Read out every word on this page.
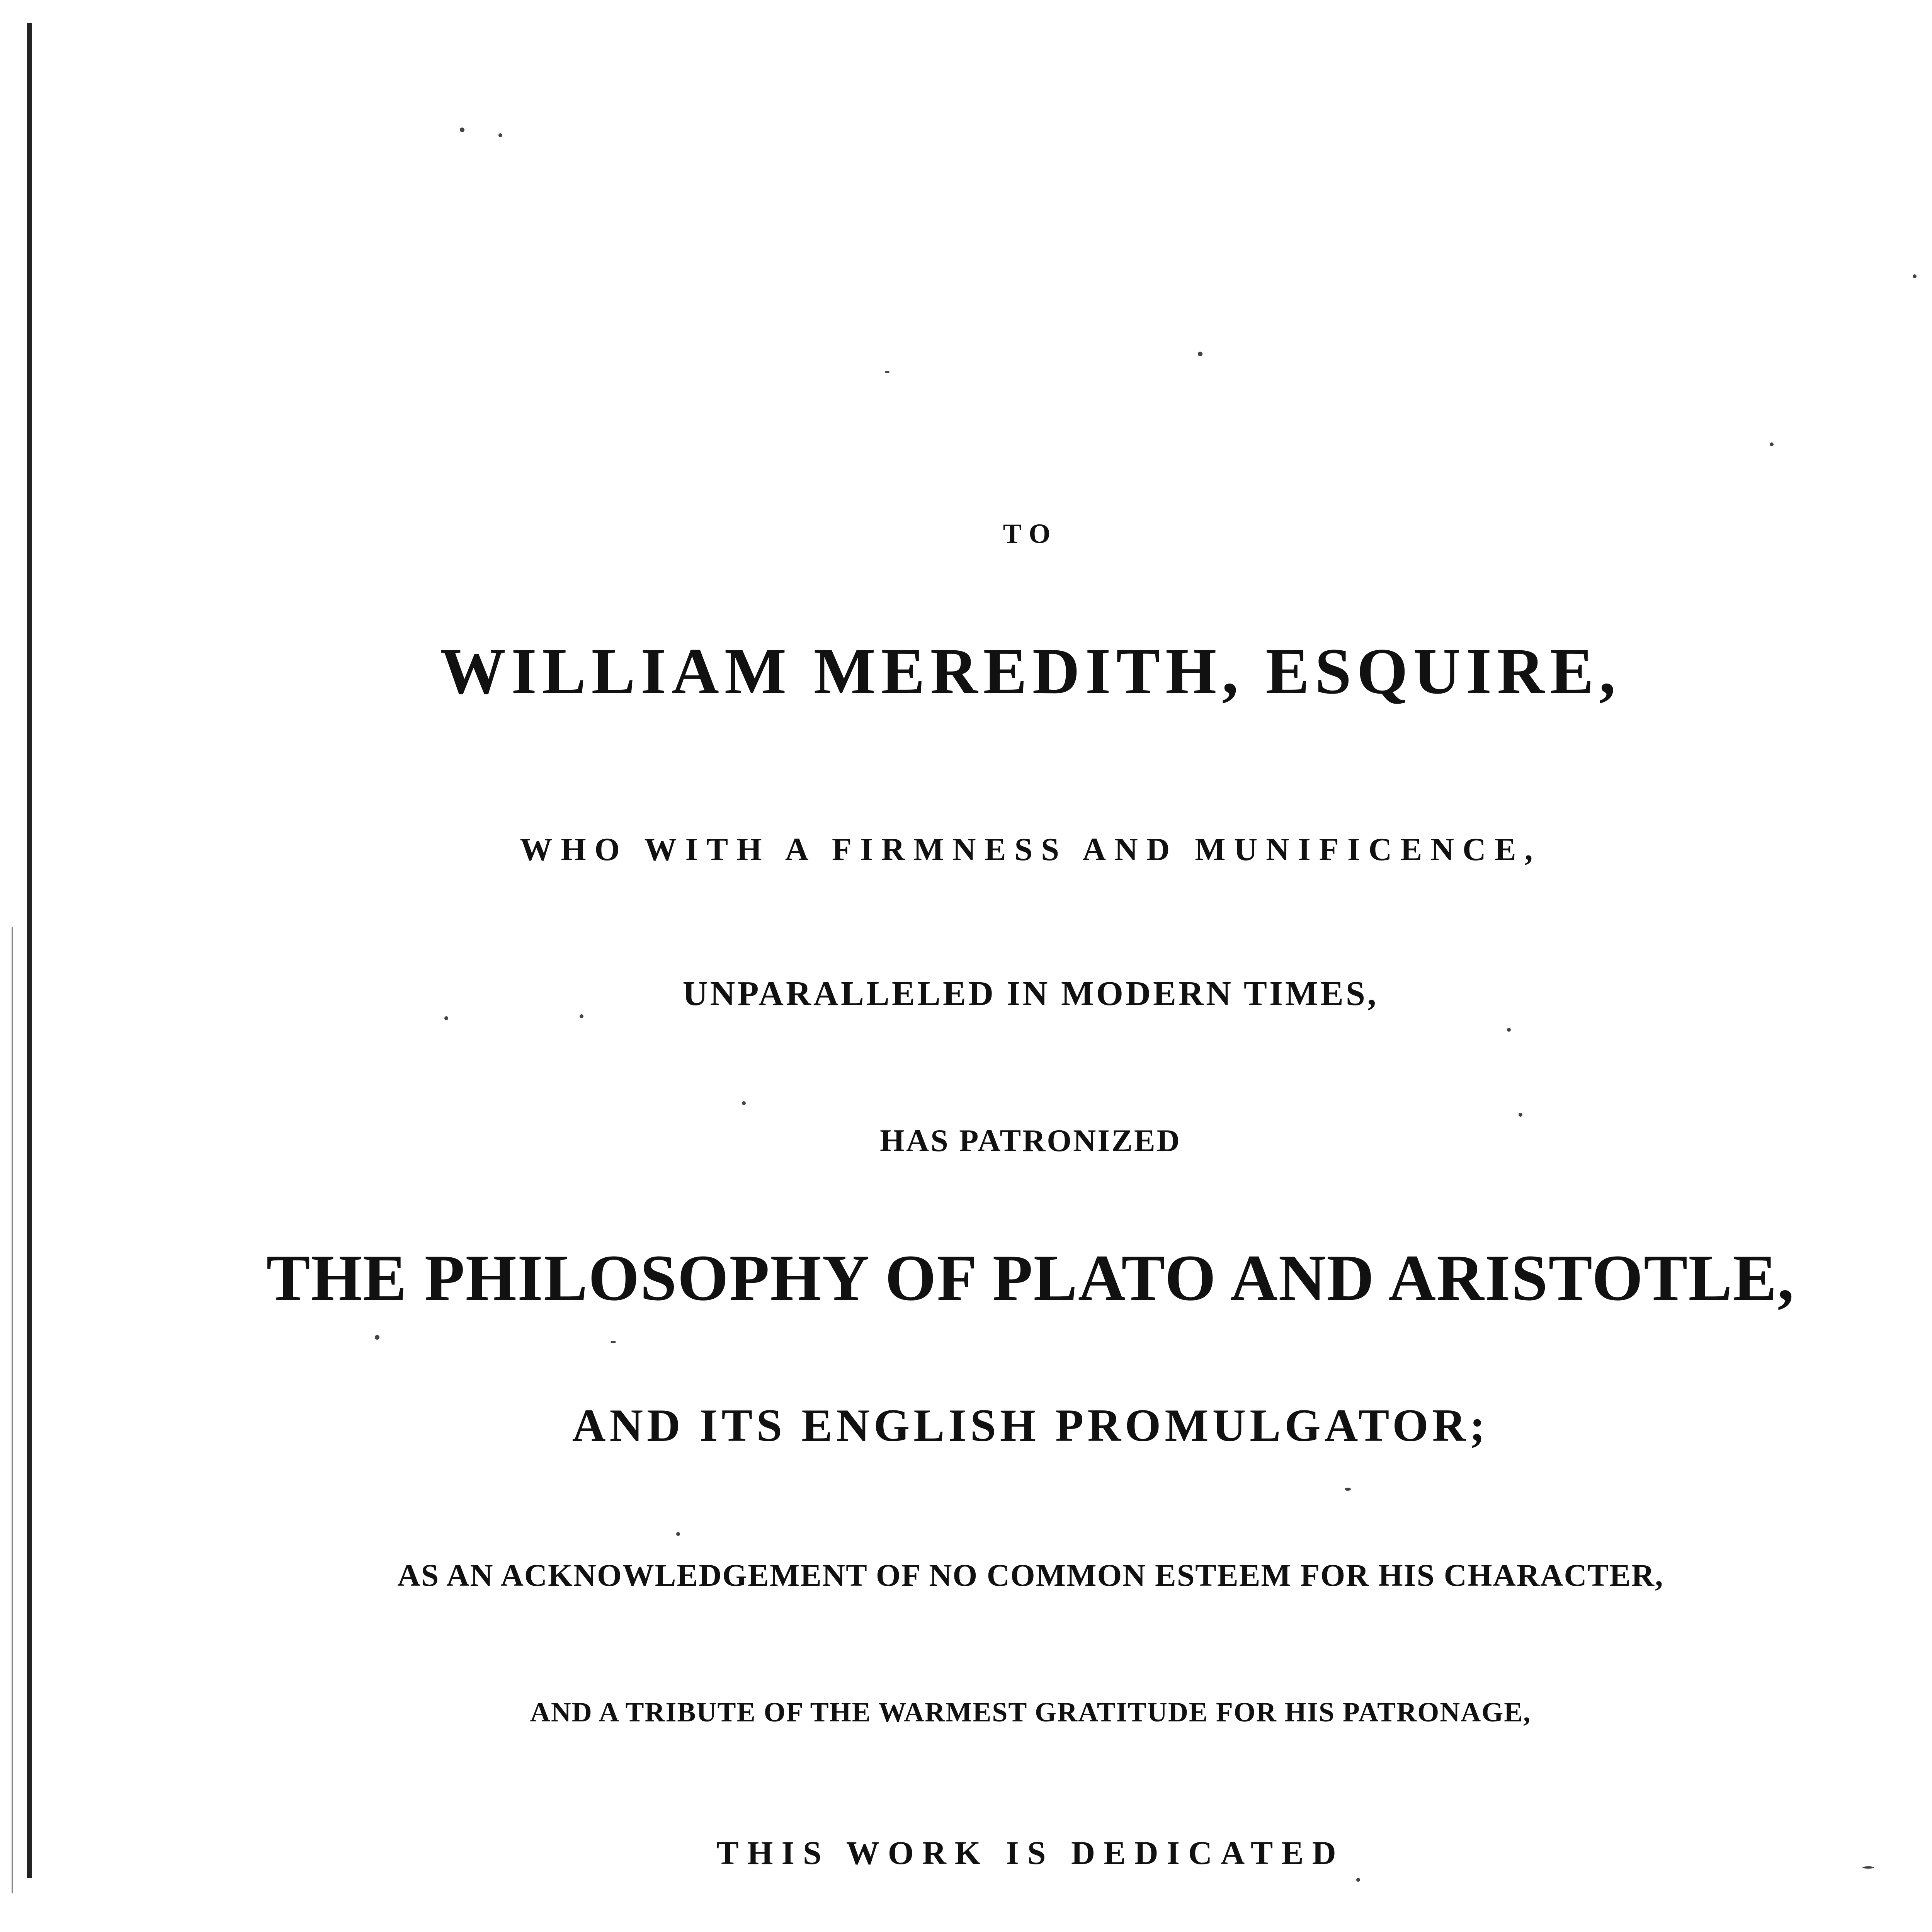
TO
WILLIAM MEREDITH, ESQUIRE,
WHO WITH A FIRMNESS AND MUNIFICENCE,
UNPARALLELED IN MODERN TIMES,
HAS PATRONIZED
THE PHILOSOPHY OF PLATO AND ARISTOTLE,
AND ITS ENGLISH PROMULGATOR;
AS AN ACKNOWLEDGEMENT OF NO COMMON ESTEEM FOR HIS CHARACTER,
AND A TRIBUTE OF THE WARMEST GRATITUDE FOR HIS PATRONAGE,
THIS WORK IS DEDICATED
